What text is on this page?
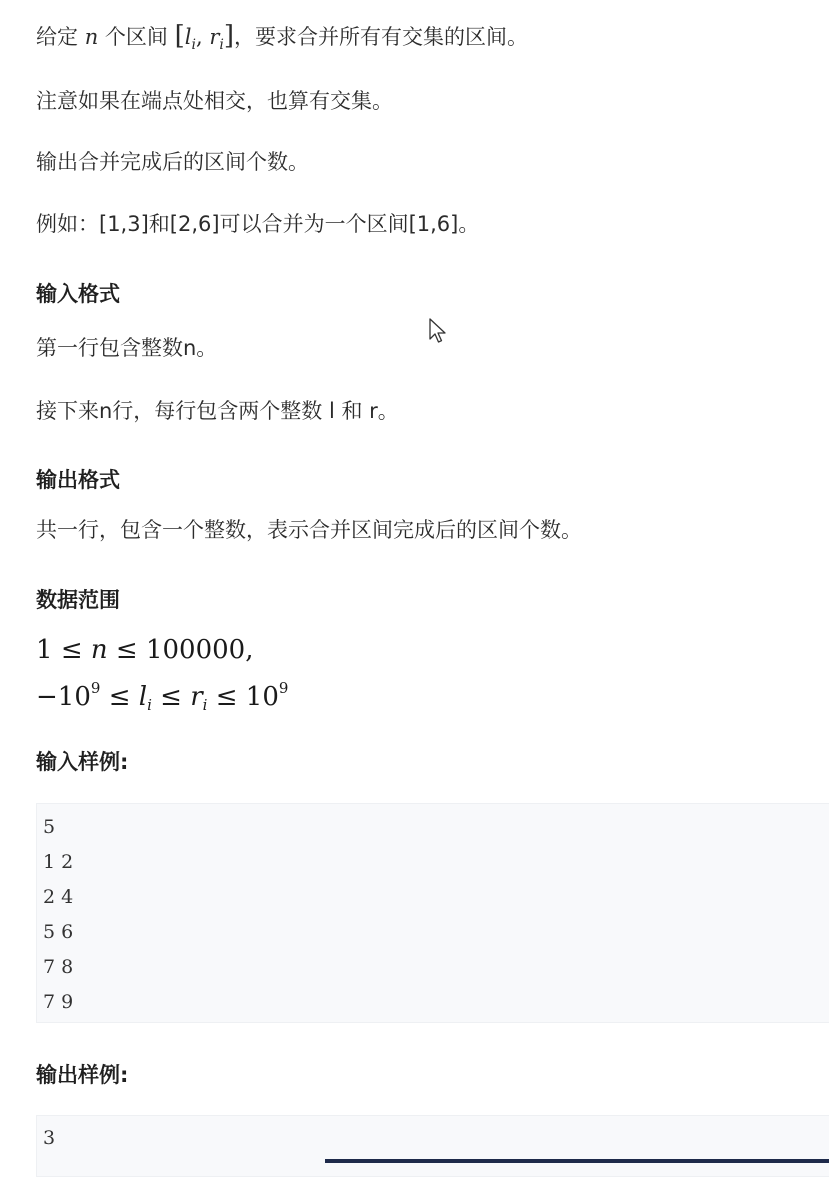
给定 n 个区间 [$l_i$, $r_i$]，要求合并所有有交集的区间。
注意如果在端点处相交，也算有交集。
输出合并完成后的区间个数。
例如：[1,3]和[2,6]可以合并为一个区间[1,6]。
输入格式
第一行包含整数n。
接下来n行，每行包含两个整数 l 和 r。
输出格式
共一行，包含一个整数，表示合并区间完成后的区间个数。
数据范围
1 ≤ n ≤ 100000,
$-10^9 \le l_i \le r_i \le 10^9$
输入样例:
5
1 2
2 4
5 6
7 8
7 9
输出样例:
3
